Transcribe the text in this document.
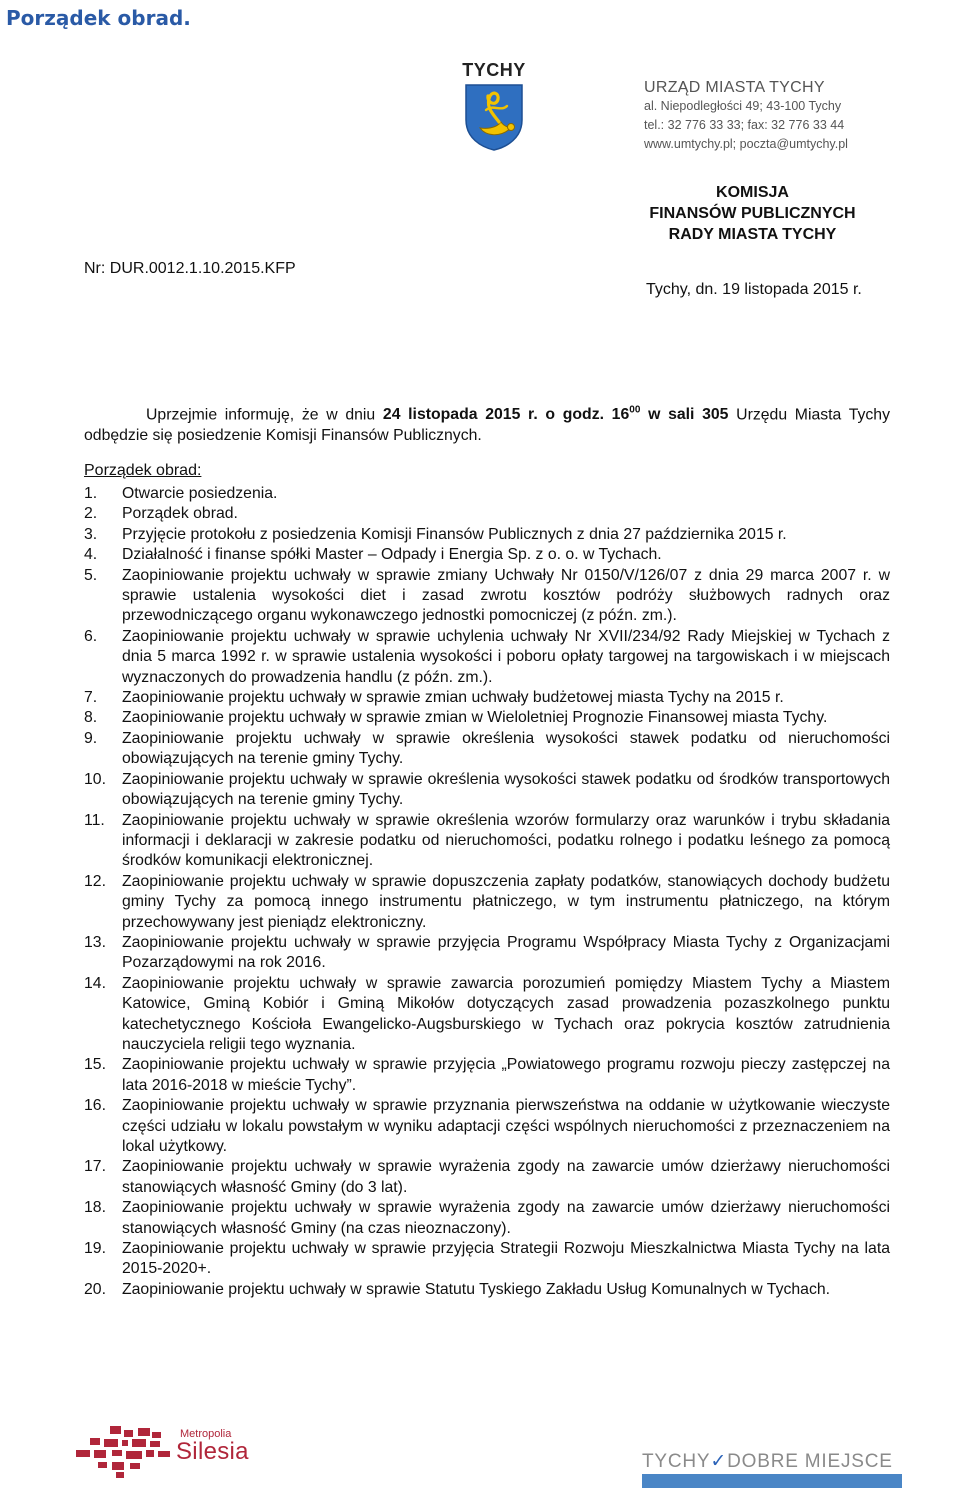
Porządek obrad.
TYCHY
URZĄD MIASTA TYCHY
al. Niepodległości 49; 43-100 Tychy
tel.: 32 776 33 33; fax: 32 776 33 44
www.umtychy.pl; poczta@umtychy.pl
KOMISJA
FINANSÓW PUBLICZNYCH
RADY MIASTA TYCHY
Nr: DUR.0012.1.10.2015.KFP
Tychy, dn. 19 listopada 2015 r.
Uprzejmie informuję, że w dniu 24 listopada 2015 r. o godz. $16^{00}$ w sali 305 Urzędu Miasta Tychy odbędzie się posiedzenie Komisji Finansów Publicznych.
Porządek obrad:
1.	Otwarcie posiedzenia.
2.	Porządek obrad.
3.	Przyjęcie protokołu z posiedzenia Komisji Finansów Publicznych z dnia 27 października 2015 r.
4.	Działalność i finanse spółki Master – Odpady i Energia Sp. z o. o. w Tychach.
5.	Zaopiniowanie projektu uchwały w sprawie zmiany Uchwały Nr 0150/V/126/07 z dnia 29 marca 2007 r. w sprawie ustalenia wysokości diet i zasad zwrotu kosztów podróży służbowych radnych oraz przewodniczącego organu wykonawczego jednostki pomocniczej (z późn. zm.).
6.	Zaopiniowanie projektu uchwały w sprawie uchylenia uchwały Nr XVII/234/92 Rady Miejskiej w Tychach z dnia 5 marca 1992 r. w sprawie ustalenia wysokości i poboru opłaty targowej na targowiskach i w miejscach wyznaczonych do prowadzenia handlu (z późn. zm.).
7.	Zaopiniowanie projektu uchwały w sprawie zmian uchwały budżetowej miasta Tychy na 2015 r.
8.	Zaopiniowanie projektu uchwały w sprawie zmian w Wieloletniej Prognozie Finansowej miasta Tychy.
9.	Zaopiniowanie projektu uchwały w sprawie określenia wysokości stawek podatku od nieruchomości obowiązujących na terenie gminy Tychy.
10.	Zaopiniowanie projektu uchwały w sprawie określenia wysokości stawek podatku od środków transportowych obowiązujących na terenie gminy Tychy.
11.	Zaopiniowanie projektu uchwały w sprawie określenia wzorów formularzy oraz warunków i trybu składania informacji i deklaracji w zakresie podatku od nieruchomości, podatku rolnego i podatku leśnego za pomocą środków komunikacji elektronicznej.
12.	Zaopiniowanie projektu uchwały w sprawie dopuszczenia zapłaty podatków, stanowiących dochody budżetu gminy Tychy za pomocą innego instrumentu płatniczego, w tym instrumentu płatniczego, na którym przechowywany jest pieniądz elektroniczny.
13.	Zaopiniowanie projektu uchwały w sprawie przyjęcia Programu Współpracy Miasta Tychy z Organizacjami Pozarządowymi na rok 2016.
14.	Zaopiniowanie projektu uchwały w sprawie zawarcia porozumień pomiędzy Miastem Tychy a Miastem Katowice, Gminą Kobiór i Gminą Mikołów dotyczących zasad prowadzenia pozaszkolnego punktu katechetycznego Kościoła Ewangelicko-Augsburskiego w Tychach oraz pokrycia kosztów zatrudnienia nauczyciela religii tego wyznania.
15.	Zaopiniowanie projektu uchwały w sprawie przyjęcia „Powiatowego programu rozwoju pieczy zastępczej na lata 2016-2018 w mieście Tychy”.
16.	Zaopiniowanie projektu uchwały w sprawie przyznania pierwszeństwa na oddanie w użytkowanie wieczyste części udziału w lokalu powstałym w wyniku adaptacji części wspólnych nieruchomości z przeznaczeniem na lokal użytkowy.
17.	Zaopiniowanie projektu uchwały w sprawie wyrażenia zgody na zawarcie umów dzierżawy nieruchomości stanowiących własność Gminy (do 3 lat).
18.	Zaopiniowanie projektu uchwały w sprawie wyrażenia zgody na zawarcie umów dzierżawy nieruchomości stanowiących własność Gminy (na czas nieoznaczony).
19.	Zaopiniowanie projektu uchwały w sprawie przyjęcia Strategii Rozwoju Mieszkalnictwa Miasta Tychy na lata 2015-2020+.
20.	Zaopiniowanie projektu uchwały w sprawie Statutu Tyskiego Zakładu Usług Komunalnych w Tychach.
Metropolia
Silesia	TYCHY✓DOBRE MIEJSCE
